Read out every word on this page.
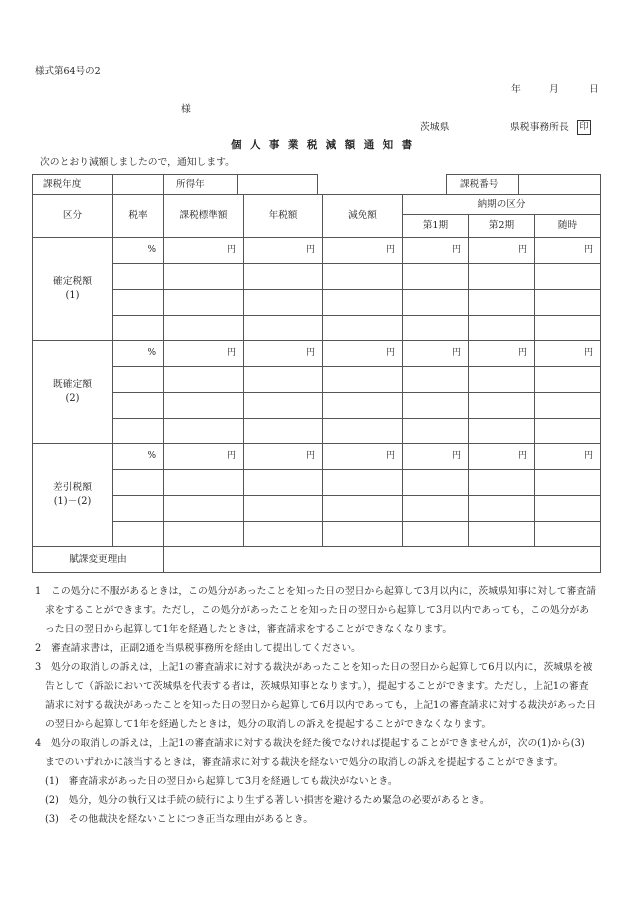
様式第64号の2
年	月	日
様
茨城県	県税事務所長 印
個 人 事 業 税 減 額 通 知 書
次のとおり減額しましたので，通知します。
課税年度	所得年	課税番号
区分	税率	課税標準額	年税額	減免額	納期の区分		
					第1期	第2期	随時

確定税額
(1)	%	円	円	円	円	円	円

既確定額
(2)	%	円	円	円	円	円	円

差引税額
(1)－(2)	%	円	円	円	円	円	円

賦課変更理由							
1　この処分に不服があるときは，この処分があったことを知った日の翌日から起算して3月以内に，茨城県知事に対して審査請
求をすることができます。ただし，この処分があったことを知った日の翌日から起算して3月以内であっても，この処分があ
った日の翌日から起算して1年を経過したときは，審査請求をすることができなくなります。
2　審査請求書は，正副2通を当県税事務所を経由して提出してください。
3　処分の取消しの訴えは，上記1の審査請求に対する裁決があったことを知った日の翌日から起算して6月以内に，茨城県を被
告として（訴訟において茨城県を代表する者は，茨城県知事となります。），提起することができます。ただし，上記1の審査
請求に対する裁決があったことを知った日の翌日から起算して6月以内であっても，上記1の審査請求に対する裁決があった日
の翌日から起算して1年を経過したときは，処分の取消しの訴えを提起することができなくなります。
4　処分の取消しの訴えは，上記1の審査請求に対する裁決を経た後でなければ提起することができませんが，次の(1)から(3)
までのいずれかに該当するときは，審査請求に対する裁決を経ないで処分の取消しの訴えを提起することができます。
(1)　審査請求があった日の翌日から起算して3月を経過しても裁決がないとき。
(2)　処分，処分の執行又は手続の続行により生ずる著しい損害を避けるため緊急の必要があるとき。
(3)　その他裁決を経ないことにつき正当な理由があるとき。
